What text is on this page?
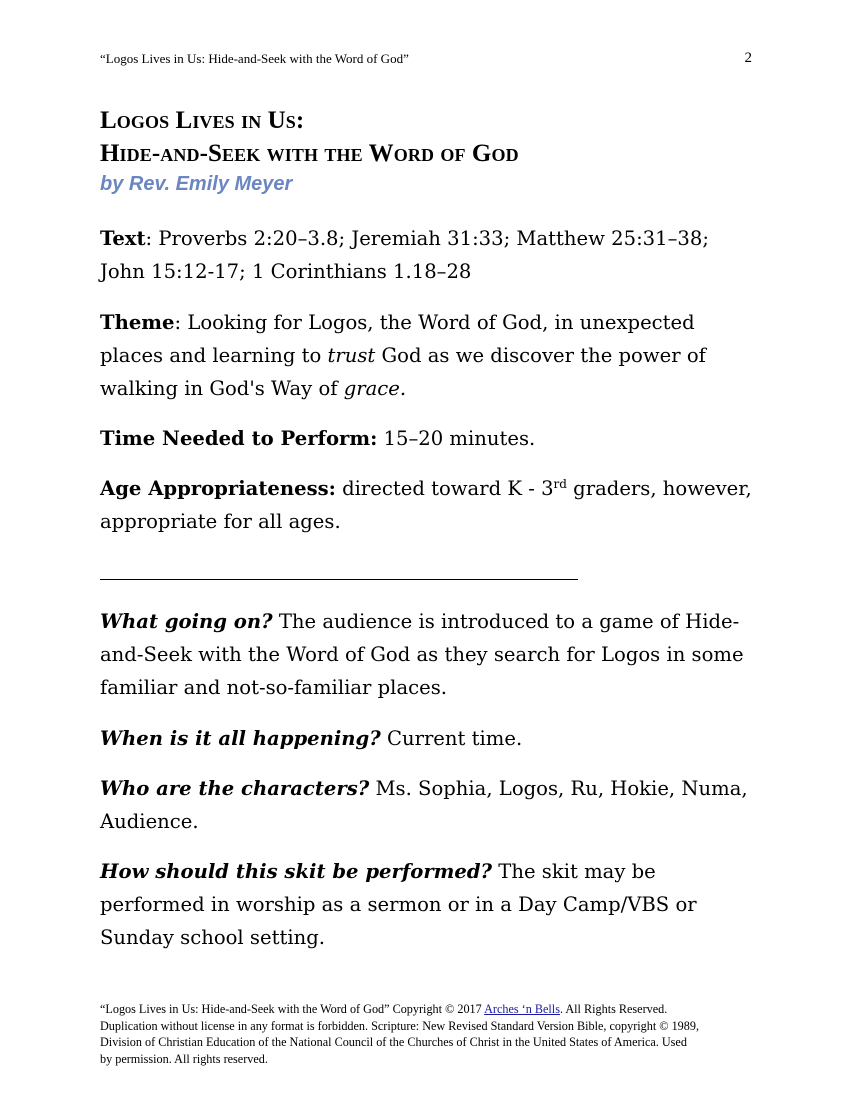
“Logos Lives in Us: Hide-and-Seek with the Word of God”	2
Logos Lives in Us:
Hide-and-Seek with the Word of God
by Rev. Emily Meyer

Text: Proverbs 2:20–3.8; Jeremiah 31:33; Matthew 25:31–38; John 15:12-17; 1 Corinthians 1.18–28

Theme: Looking for Logos, the Word of God, in unexpected places and learning to trust God as we discover the power of walking in God's Way of grace.

Time Needed to Perform: 15–20 minutes.

Age Appropriateness: directed toward K - 3rd graders, however, appropriate for all ages.

What going on? The audience is introduced to a game of Hide-and-Seek with the Word of God as they search for Logos in some familiar and not-so-familiar places.

When is it all happening? Current time.

Who are the characters? Ms. Sophia, Logos, Ru, Hokie, Numa, Audience.

How should this skit be performed? The skit may be performed in worship as a sermon or in a Day Camp/VBS or Sunday school setting.

“Logos Lives in Us: Hide-and-Seek with the Word of God” Copyright © 2017 Arches ‘n Bells. All Rights Reserved. Duplication without license in any format is forbidden. Scripture: New Revised Standard Version Bible, copyright © 1989, Division of Christian Education of the National Council of the Churches of Christ in the United States of America. Used by permission. All rights reserved.
